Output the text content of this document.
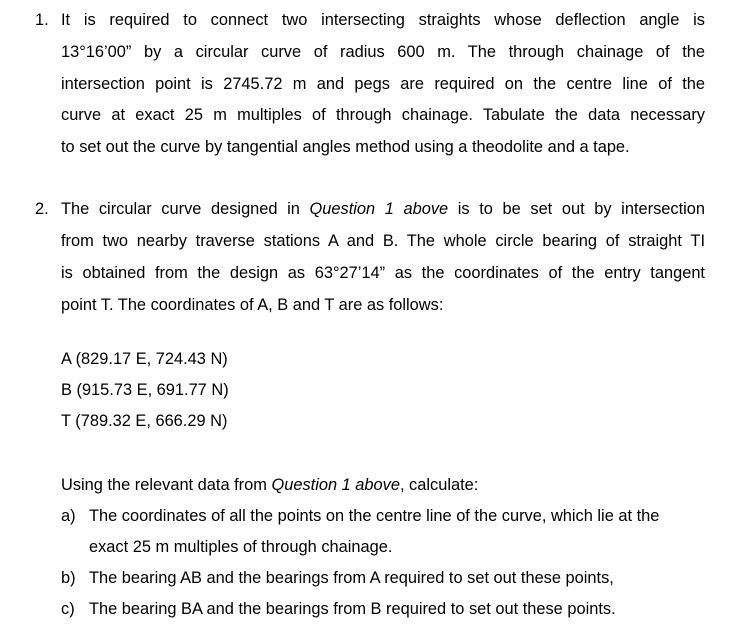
1. It is required to connect two intersecting straights whose deflection angle is
13°16’00” by a circular curve of radius 600 m. The through chainage of the
intersection point is 2745.72 m and pegs are required on the centre line of the
curve at exact 25 m multiples of through chainage. Tabulate the data necessary
to set out the curve by tangential angles method using a theodolite and a tape.
2. The circular curve designed in Question 1 above is to be set out by intersection
from two nearby traverse stations A and B. The whole circle bearing of straight TI
is obtained from the design as 63°27’14” as the coordinates of the entry tangent
point T. The coordinates of A, B and T are as follows:
A (829.17 E, 724.43 N)
B (915.73 E, 691.77 N)
T (789.32 E, 666.29 N)
Using the relevant data from Question 1 above, calculate:
a) The coordinates of all the points on the centre line of the curve, which lie at the
exact 25 m multiples of through chainage.
b) The bearing AB and the bearings from A required to set out these points,
c) The bearing BA and the bearings from B required to set out these points.
